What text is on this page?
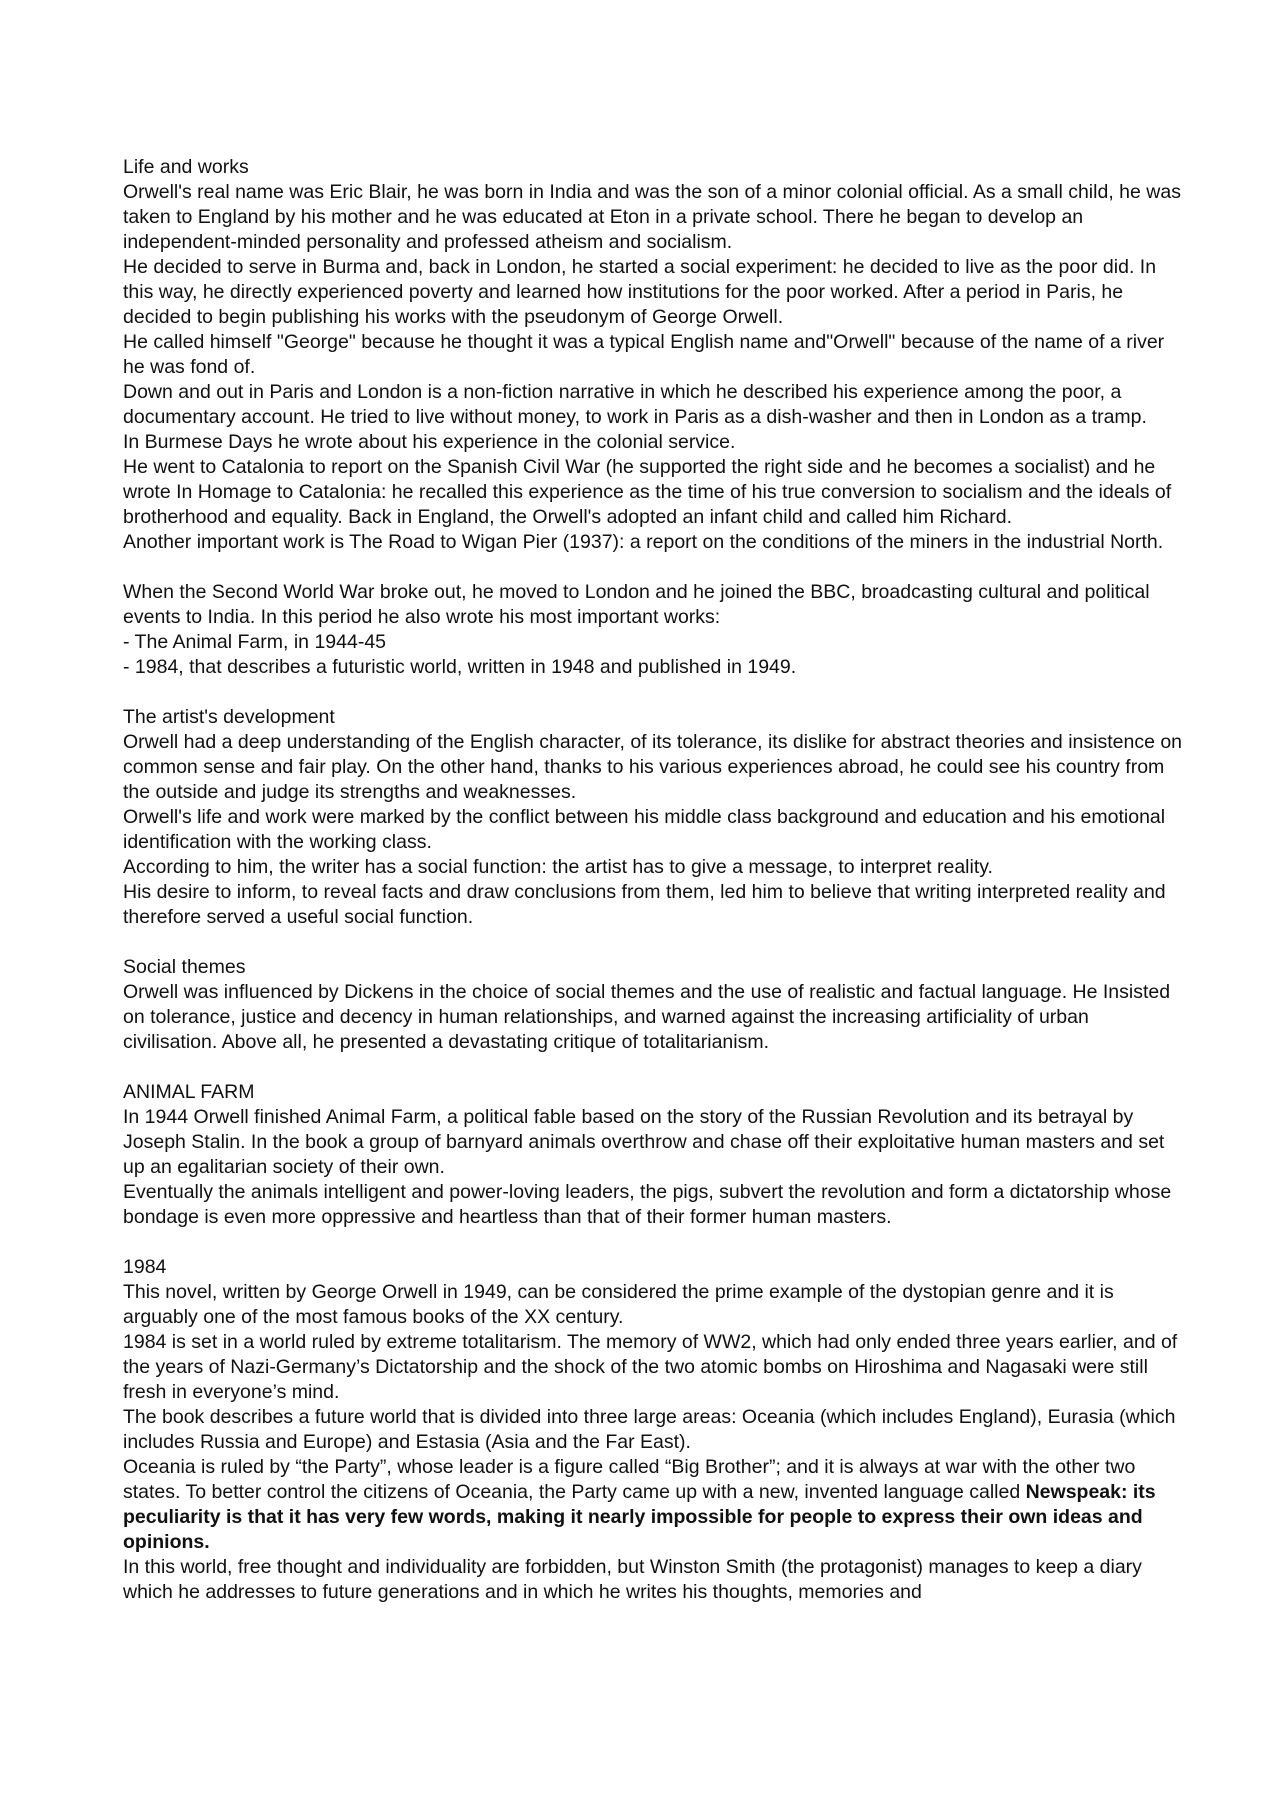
Life and works

Orwell's real name was Eric Blair, he was born in India and was the son of a minor colonial official. As a small child, he was taken to England by his mother and he was educated at Eton in a private school. There he began to develop an independent-minded personality and professed atheism and socialism.

He decided to serve in Burma and, back in London, he started a social experiment: he decided to live as the poor did. In this way, he directly experienced poverty and learned how institutions for the poor worked. After a period in Paris, he decided to begin publishing his works with the pseudonym of George Orwell.

He called himself "George" because he thought it was a typical English name and"Orwell" because of the name of a river he was fond of.

Down and out in Paris and London is a non-fiction narrative in which he described his experience among the poor, a documentary account. He tried to live without money, to work in Paris as a dish-washer and then in London as a tramp.

In Burmese Days he wrote about his experience in the colonial service.

He went to Catalonia to report on the Spanish Civil War (he supported the right side and he becomes a socialist) and he wrote In Homage to Catalonia: he recalled this experience as the time of his true conversion to socialism and the ideals of brotherhood and equality. Back in England, the Orwell's adopted an infant child and called him Richard.

Another important work is The Road to Wigan Pier (1937): a report on the conditions of the miners in the industrial North.

When the Second World War broke out, he moved to London and he joined the BBC, broadcasting cultural and political events to India. In this period he also wrote his most important works:

- The Animal Farm, in 1944-45

- 1984, that describes a futuristic world, written in 1948 and published in 1949.

The artist's development

Orwell had a deep understanding of the English character, of its tolerance, its dislike for abstract theories and insistence on common sense and fair play. On the other hand, thanks to his various experiences abroad, he could see his country from the outside and judge its strengths and weaknesses.

Orwell's life and work were marked by the conflict between his middle class background and education and his emotional identification with the working class.

According to him, the writer has a social function: the artist has to give a message, to interpret reality.

His desire to inform, to reveal facts and draw conclusions from them, led him to believe that writing interpreted reality and therefore served a useful social function.

Social themes

Orwell was influenced by Dickens in the choice of social themes and the use of realistic and factual language. He Insisted on tolerance, justice and decency in human relationships, and warned against the increasing artificiality of urban civilisation. Above all, he presented a devastating critique of totalitarianism.

ANIMAL FARM

In 1944 Orwell finished Animal Farm, a political fable based on the story of the Russian Revolution and its betrayal by Joseph Stalin. In the book a group of barnyard animals overthrow and chase off their exploitative human masters and set up an egalitarian society of their own.

Eventually the animals intelligent and power-loving leaders, the pigs, subvert the revolution and form a dictatorship whose bondage is even more oppressive and heartless than that of their former human masters.

1984

This novel, written by George Orwell in 1949, can be considered the prime example of the dystopian genre and it is arguably one of the most famous books of the XX century.

1984 is set in a world ruled by extreme totalitarism. The memory of WW2, which had only ended three years earlier, and of the years of Nazi-Germany’s Dictatorship and the shock of the two atomic bombs on Hiroshima and Nagasaki were still fresh in everyone’s mind.

The book describes a future world that is divided into three large areas: Oceania (which includes England), Eurasia (which includes Russia and Europe) and Estasia (Asia and the Far East).

Oceania is ruled by “the Party”, whose leader is a figure called “Big Brother”; and it is always at war with the other two states. To better control the citizens of Oceania, the Party came up with a new, invented language called Newspeak: its peculiarity is that it has very few words, making it nearly impossible for people to express their own ideas and opinions.

In this world, free thought and individuality are forbidden, but Winston Smith (the protagonist) manages to keep a diary which he addresses to future generations and in which he writes his thoughts, memories and
